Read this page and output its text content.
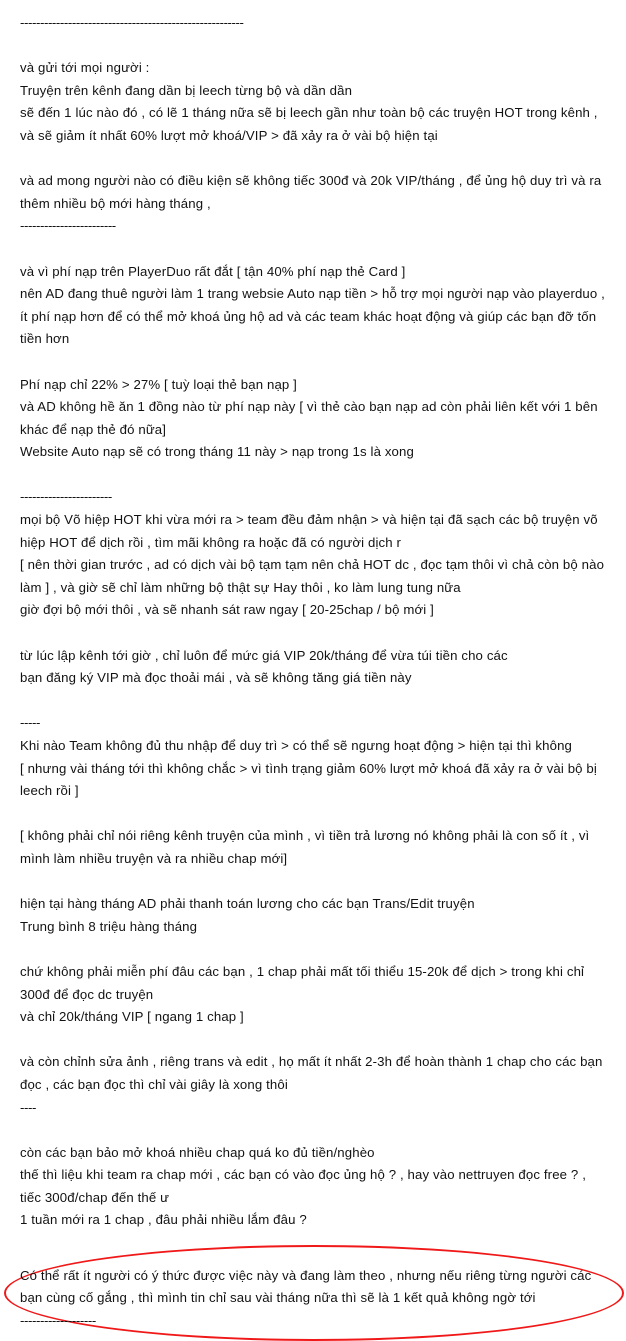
--------------------------------------------------------
và gửi tới mọi người :
Truyện trên kênh đang dần bị leech từng bộ và dần dần
sẽ đến 1 lúc nào đó , có lẽ 1 tháng nữa sẽ bị leech gần như toàn bộ các truyện HOT trong kênh ,
và sẽ giảm ít nhất 60% lượt mở khoá/VIP > đã xảy ra ở vài bộ hiện tại
và ad mong người nào có điều kiện sẽ không tiếc 300đ và 20k VIP/tháng , để ủng hộ duy trì và ra
thêm nhiều bộ mới hàng tháng ,
------------------------
và vì phí nạp trên PlayerDuo rất đắt [ tận 40% phí nạp thẻ Card ]
nên AD đang thuê người làm 1 trang websie Auto nạp tiền > hỗ trợ mọi người nạp vào playerduo ,
ít phí nạp hơn để có thể mở khoá ủng hộ ad và các team khác hoạt động và giúp các bạn đỡ tốn
tiền hơn
Phí nạp chỉ 22% > 27% [ tuỳ loại thẻ bạn nạp ]
và AD không hề ăn 1 đồng nào từ phí nạp này [ vì thẻ cào bạn nạp ad còn phải liên kết với 1 bên
khác để nạp thẻ đó nữa]
Website Auto nạp sẽ có trong tháng 11 này > nạp trong 1s là xong
-----------------------
mọi bộ Võ hiệp HOT khi vừa mới ra > team đều đảm nhận > và hiện tại đã sạch các bộ truyện võ
hiệp HOT để dịch rồi , tìm mãi không ra hoặc đã có người dịch r
[ nên thời gian trước , ad có dịch vài bộ tạm tạm nên chả HOT dc , đọc tạm thôi vì chả còn bộ nào
làm ] , và giờ sẽ chỉ làm những bộ thật sự Hay thôi , ko làm lung tung nữa
giờ đợi bộ mới thôi , và sẽ nhanh sát raw ngay [ 20-25chap / bộ mới ]
từ lúc lập kênh tới giờ , chỉ luôn để mức giá VIP 20k/tháng để vừa túi tiền cho các
bạn đăng ký VIP mà đọc thoải mái , và sẽ không tăng giá tiền này
-----
Khi nào Team không đủ thu nhập để duy trì > có thể sẽ ngưng hoạt động > hiện tại thì không
[ nhưng vài tháng tới thì không chắc > vì tình trạng giảm 60% lượt mở khoá đã xảy ra ở vài bộ bị
leech rồi ]
[ không phải chỉ nói riêng kênh truyện của mình , vì tiền trả lương nó không phải là con số ít , vì
mình làm nhiều truyện và ra nhiều chap mới]
hiện tại hàng tháng AD phải thanh toán lương cho các bạn Trans/Edit truyện
Trung bình 8 triệu hàng tháng
chứ không phải miễn phí đâu các bạn , 1 chap phải mất tối thiểu 15-20k để dịch > trong khi chỉ
300đ để đọc dc truyện
và chỉ 20k/tháng VIP [ ngang 1 chap ]
và còn chỉnh sửa ảnh , riêng trans và edit , họ mất ít nhất 2-3h để hoàn thành 1 chap cho các bạn
đọc , các bạn đọc thì chỉ vài giây là xong thôi
----
còn các bạn bảo mở khoá nhiều chap quá ko đủ tiền/nghèo
thế thì liệu khi team ra chap mới , các bạn có vào đọc ủng hộ ? , hay vào nettruyen đọc free ? ,
tiếc 300đ/chap đến thế ư
1 tuần mới ra 1 chap , đâu phải nhiều lắm đâu ?
Có thể rất ít người có ý thức được việc này và đang làm theo , nhưng nếu riêng từng người các
bạn cùng cố gắng , thì mình tin chỉ sau vài tháng nữa thì sẽ là 1 kết quả không ngờ tới
-------------------
